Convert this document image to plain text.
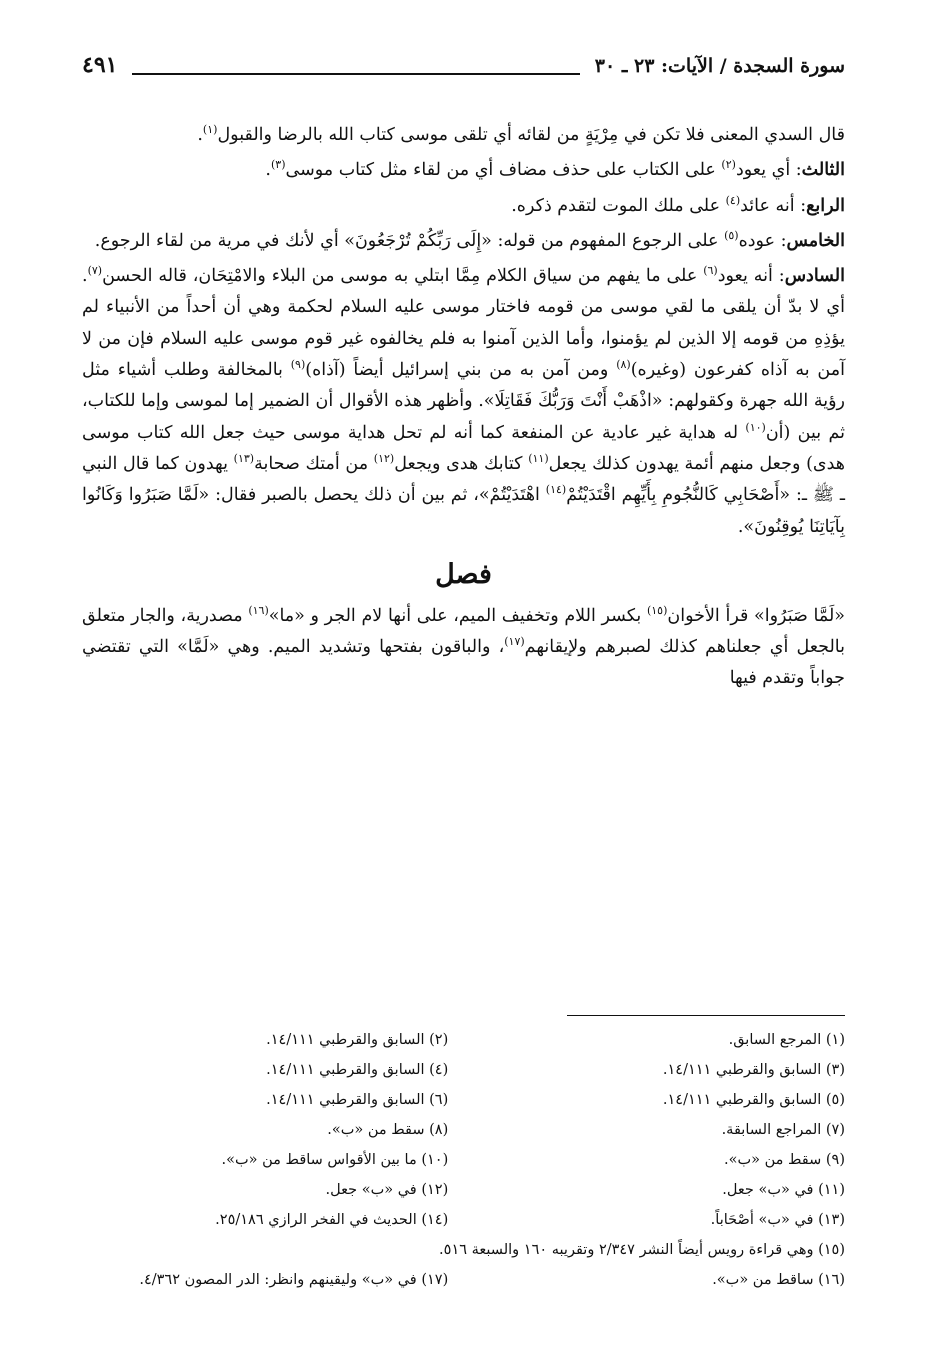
سورة السجدة / الآيات: ٢٣ ـ ٣٠
٤٩١

قال السدي المعنى فلا تكن في مِرْيَةٍ من لقائه أي تلقى موسى كتاب الله بالرضا والقبول$^{(١)}$.

الثالث: أي يعود$^{(٢)}$ على الكتاب على حذف مضاف أي من لقاء مثل كتاب موسى$^{(٣)}$.

الرابع: أنه عائد$^{(٤)}$ على ملك الموت لتقدم ذكره.

الخامس: عوده$^{(٥)}$ على الرجوع المفهوم من قوله: «إِلَى رَبِّكُمْ تُرْجَعُونَ» أي لأنك في مرية من لقاء الرجوع.

السادس: أنه يعود$^{(٦)}$ على ما يفهم من سياق الكلام مِمَّا ابتلي به موسى من البلاء والامْتِحَان، قاله الحسن$^{(٧)}$. أي لا بدّ أن يلقى ما لقي موسى من قومه فاختار موسى عليه السلام لحكمة وهي أن أحداً من الأنبياء لم يؤذِهِ من قومه إلا الذين لم يؤمنوا، وأما الذين آمنوا به فلم يخالفوه غير قوم موسى عليه السلام فإن من لا آمن به آذاه كفرعون (وغيره)$^{(٨)}$ ومن آمن به من بني إسرائيل أيضاً (آذاه)$^{(٩)}$ بالمخالفة وطلب أشياء مثل رؤية الله جهرة وكقولهم: «اذْهَبْ أَنْتَ وَرَبُّكَ فَقَاتِلَا». وأظهر هذه الأقوال أن الضمير إما لموسى وإما للكتاب، ثم بين (أن$^{(١٠)}$ له هداية غير عادية عن المنفعة كما أنه لم تحل هداية موسى حيث جعل الله كتاب موسى هدى) وجعل منهم أئمة يهدون كذلك يجعل$^{(١١)}$ كتابك هدى ويجعل$^{(١٢)}$ من أمتك صحابة$^{(١٣)}$ يهدون كما قال النبي ـ ﷺ ـ: «أَصْحَابِي كَالنُّجُومِ بِأَيِّهِم اقْتَدَيْتُمْ$^{(١٤)}$ اهْتَدَيْتُمْ»، ثم بين أن ذلك يحصل بالصبر فقال: «لَمَّا صَبَرُوا وَكَانُوا بِآيَاتِنَا يُوقِنُونَ».

فصل

«لَمَّا صَبَرُوا» قرأ الأخوان$^{(١٥)}$ بكسر اللام وتخفيف الميم، على أنها لام الجر و «ما»$^{(١٦)}$ مصدرية، والجار متعلق بالجعل أي جعلناهم كذلك لصبرهم ولإيقانهم$^{(١٧)}$، والباقون بفتحها وتشديد الميم. وهي «لَمَّا» التي تقتضي جواباً وتقدم فيها

(١) المرجع السابق.
(٢) السابق والقرطبي ١٤/١١١.
(٣) السابق والقرطبي ١٤/١١١.
(٤) السابق والقرطبي ١٤/١١١.
(٥) السابق والقرطبي ١٤/١١١.
(٦) السابق والقرطبي ١٤/١١١.
(٧) المراجع السابقة.
(٨) سقط من «ب».
(٩) سقط من «ب».
(١٠) ما بين الأقواس ساقط من «ب».
(١١) في «ب» جعل.
(١٢) في «ب» جعل.
(١٣) في «ب» أصْحَاباً.
(١٤) الحديث في الفخر الرازي ٢٥/١٨٦.
(١٥) وهي قراءة رويس أيضاً النشر ٢/٣٤٧ وتقريبه ١٦٠ والسبعة ٥١٦.
(١٦) ساقط من «ب».
(١٧) في «ب» وليقينهم وانظر: الدر المصون ٤/٣٦٢.
